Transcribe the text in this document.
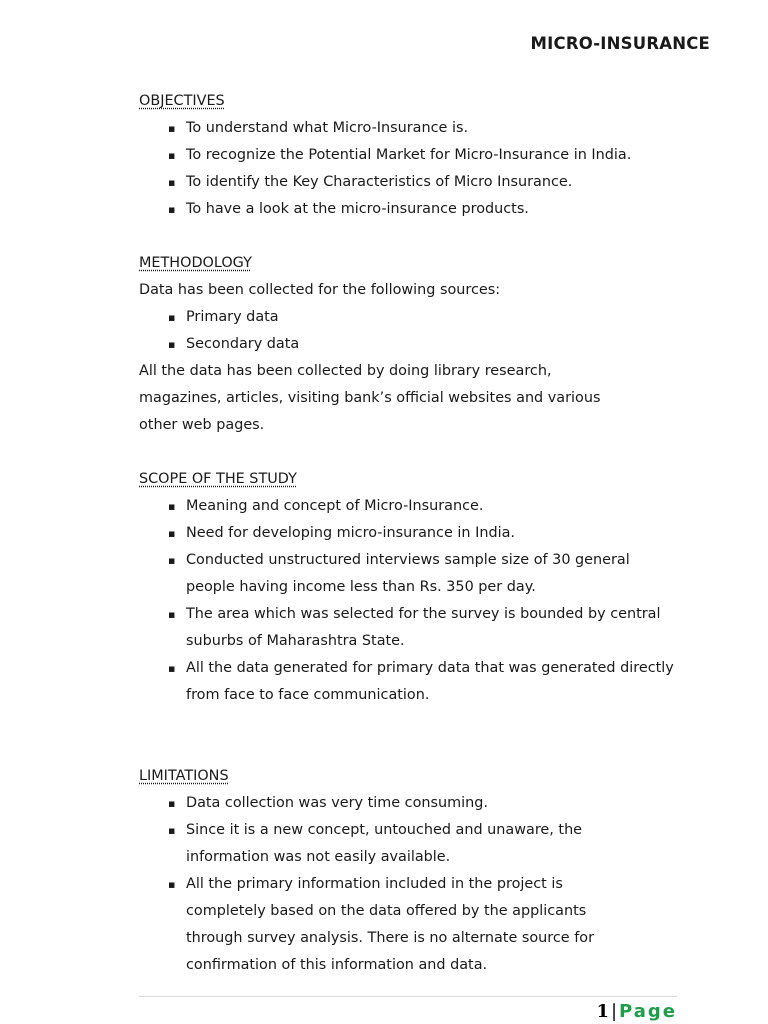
MICRO-INSURANCE
OBJECTIVES
▪ To understand what Micro-Insurance is.
▪ To recognize the Potential Market for Micro-Insurance in India.
▪ To identify the Key Characteristics of Micro Insurance.
▪ To have a look at the micro-insurance products.
METHODOLOGY
Data has been collected for the following sources:
▪ Primary data
▪ Secondary data
All the data has been collected by doing library research,
magazines, articles, visiting bank’s official websites and various
other web pages.
SCOPE OF THE STUDY
▪ Meaning and concept of Micro-Insurance.
▪ Need for developing micro-insurance in India.
▪ Conducted unstructured interviews sample size of 30 general people having income less than Rs. 350 per day.
▪ The area which was selected for the survey is bounded by central suburbs of Maharashtra State.
▪ All the data generated for primary data that was generated directly from face to face communication.
LIMITATIONS
▪ Data collection was very time consuming.
▪ Since it is a new concept, untouched and unaware, the information was not easily available.
▪ All the primary information included in the project is completely based on the data offered by the applicants through survey analysis. There is no alternate source for confirmation of this information and data.
1 | Page
